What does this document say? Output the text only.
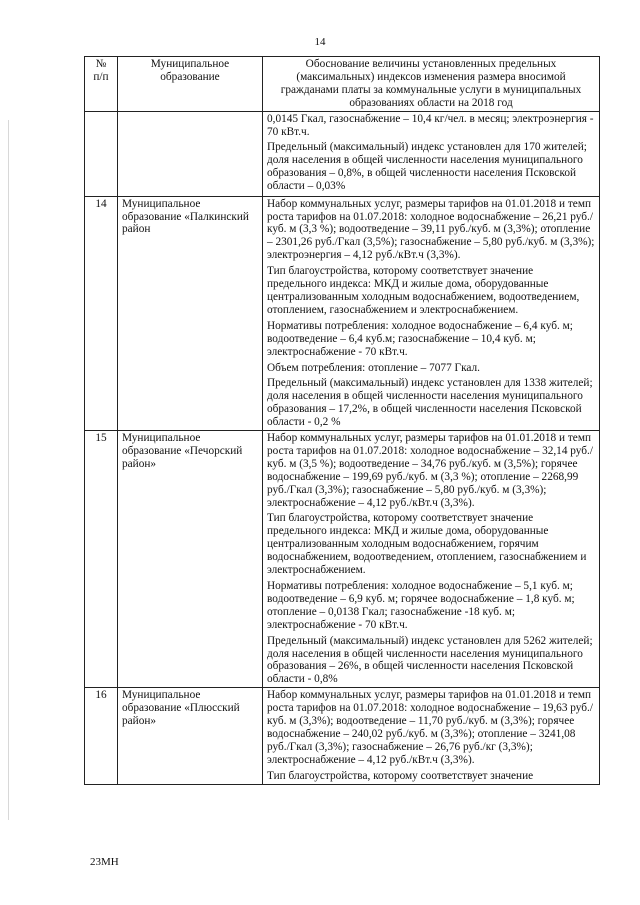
14
№
п/п	Муниципальное образование	Обоснование величины установленных предельных (максимальных) индексов изменения размера вносимой гражданами платы за коммунальные услуги в муниципальных образованиях области на 2018 год

		0,0145 Гкал, газоснабжение – 10,4 кг/чел. в месяц; электроэнергия - 70 кВт.ч.

Предельный (максимальный) индекс установлен для 170 жителей; доля населения в общей численности населения муниципального образования – 0,8%, в общей численности населения Псковской области – 0,03%

14	Муниципальное образование «Палкинский район	Набор коммунальных услуг, размеры тарифов на 01.01.2018 и темп роста тарифов на 01.07.2018: холодное водоснабжение – 26,21 руб./куб. м (3,3 %); водоотведение – 39,11 руб./куб. м (3,3%); отопление – 2301,26 руб./Гкал (3,5%); газоснабжение – 5,80 руб./куб. м (3,3%); электроэнергия – 4,12 руб./кВт.ч (3,3%).

Тип благоустройства, которому соответствует значение предельного индекса: МКД и жилые дома, оборудованные централизованным холодным водоснабжением, водоотведением, отоплением, газоснабжением и электроснабжением.

Нормативы потребления: холодное водоснабжение – 6,4 куб. м; водоотведение – 6,4 куб.м; газоснабжение – 10,4 куб. м; электроснабжение - 70 кВт.ч.

Объем потребления: отопление – 7077 Гкал.

Предельный (максимальный) индекс установлен для 1338 жителей; доля населения в общей численности населения муниципального образования – 17,2%, в общей численности населения Псковской области - 0,2 %

15	Муниципальное образование «Печорский район»	Набор коммунальных услуг, размеры тарифов на 01.01.2018 и темп роста тарифов на 01.07.2018: холодное водоснабжение – 32,14 руб./куб. м (3,5 %); водоотведение – 34,76 руб./куб. м (3,5%); горячее водоснабжение – 199,69 руб./куб. м (3,3 %); отопление – 2268,99 руб./Гкал (3,3%); газоснабжение – 5,80 руб./куб. м (3,3%); электроснабжение – 4,12 руб./кВт.ч (3,3%).

Тип благоустройства, которому соответствует значение предельного индекса: МКД и жилые дома, оборудованные централизованным холодным водоснабжением, горячим водоснабжением, водоотведением, отоплением, газоснабжением и электроснабжением.

Нормативы потребления: холодное водоснабжение – 5,1 куб. м; водоотведение – 6,9 куб. м; горячее водоснабжение – 1,8 куб. м; отопление – 0,0138 Гкал; газоснабжение -18 куб. м; электроснабжение - 70 кВт.ч.

Предельный (максимальный) индекс установлен для 5262 жителей; доля населения в общей численности населения муниципального образования – 26%, в общей численности населения Псковской области - 0,8%

16	Муниципальное образование «Плюсский район»	Набор коммунальных услуг, размеры тарифов на 01.01.2018 и темп роста тарифов на 01.07.2018: холодное водоснабжение – 19,63 руб./куб. м (3,3%); водоотведение – 11,70 руб./куб. м (3,3%); горячее водоснабжение – 240,02 руб./куб. м (3,3%); отопление – 3241,08 руб./Гкал (3,3%); газоснабжение – 26,76 руб./кг (3,3%); электроснабжение – 4,12 руб./кВт.ч (3,3%).

Тип благоустройства, которому соответствует значение

23МН
